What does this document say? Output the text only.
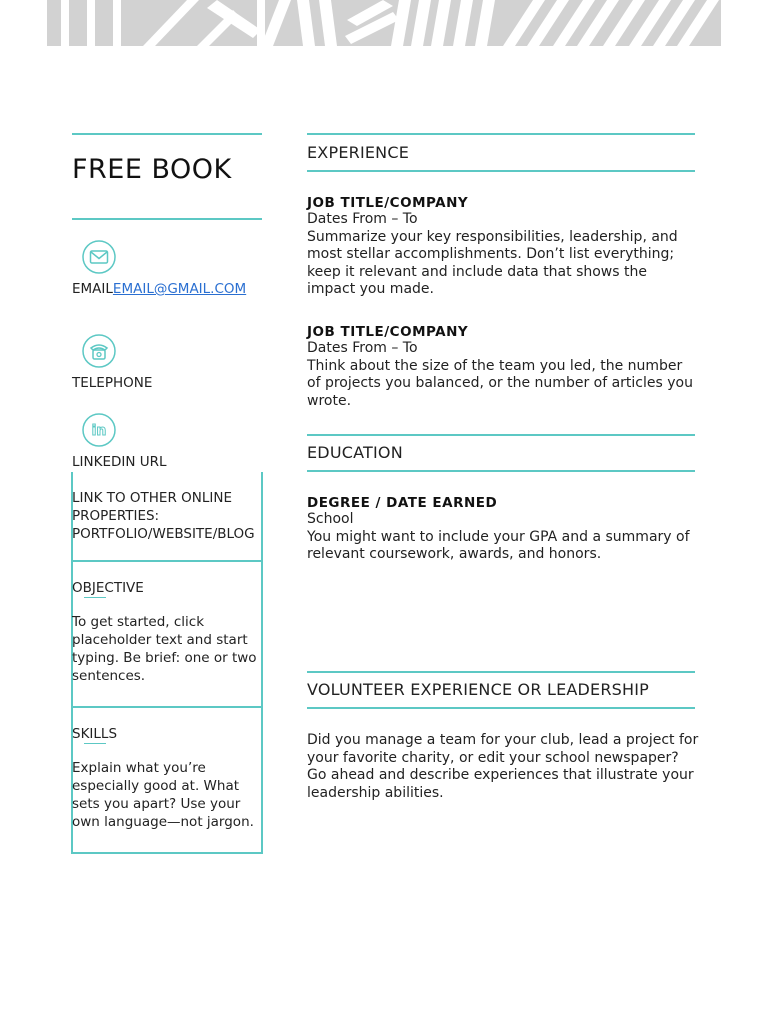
FREE BOOK
EMAILEMAIL@GMAIL.COM
TELEPHONE
in
LINKEDIN URL
LINK TO OTHER ONLINE PROPERTIES: PORTFOLIO/WEBSITE/BLOG
OBJECTIVE
To get started, click placeholder text and start typing. Be brief: one or two sentences.
SKILLS
Explain what you’re especially good at. What sets you apart? Use your own language—not jargon.
EXPERIENCE
JOB TITLE/COMPANY
Dates From – To
Summarize your key responsibilities, leadership, and most stellar accomplishments. Don’t list everything; keep it relevant and include data that shows the impact you made.
JOB TITLE/COMPANY
Dates From – To
Think about the size of the team you led, the number of projects you balanced, or the number of articles you wrote.
EDUCATION
DEGREE / DATE EARNED
School
You might want to include your GPA and a summary of relevant coursework, awards, and honors.
VOLUNTEER EXPERIENCE OR LEADERSHIP
Did you manage a team for your club, lead a project for your favorite charity, or edit your school newspaper? Go ahead and describe experiences that illustrate your leadership abilities.
